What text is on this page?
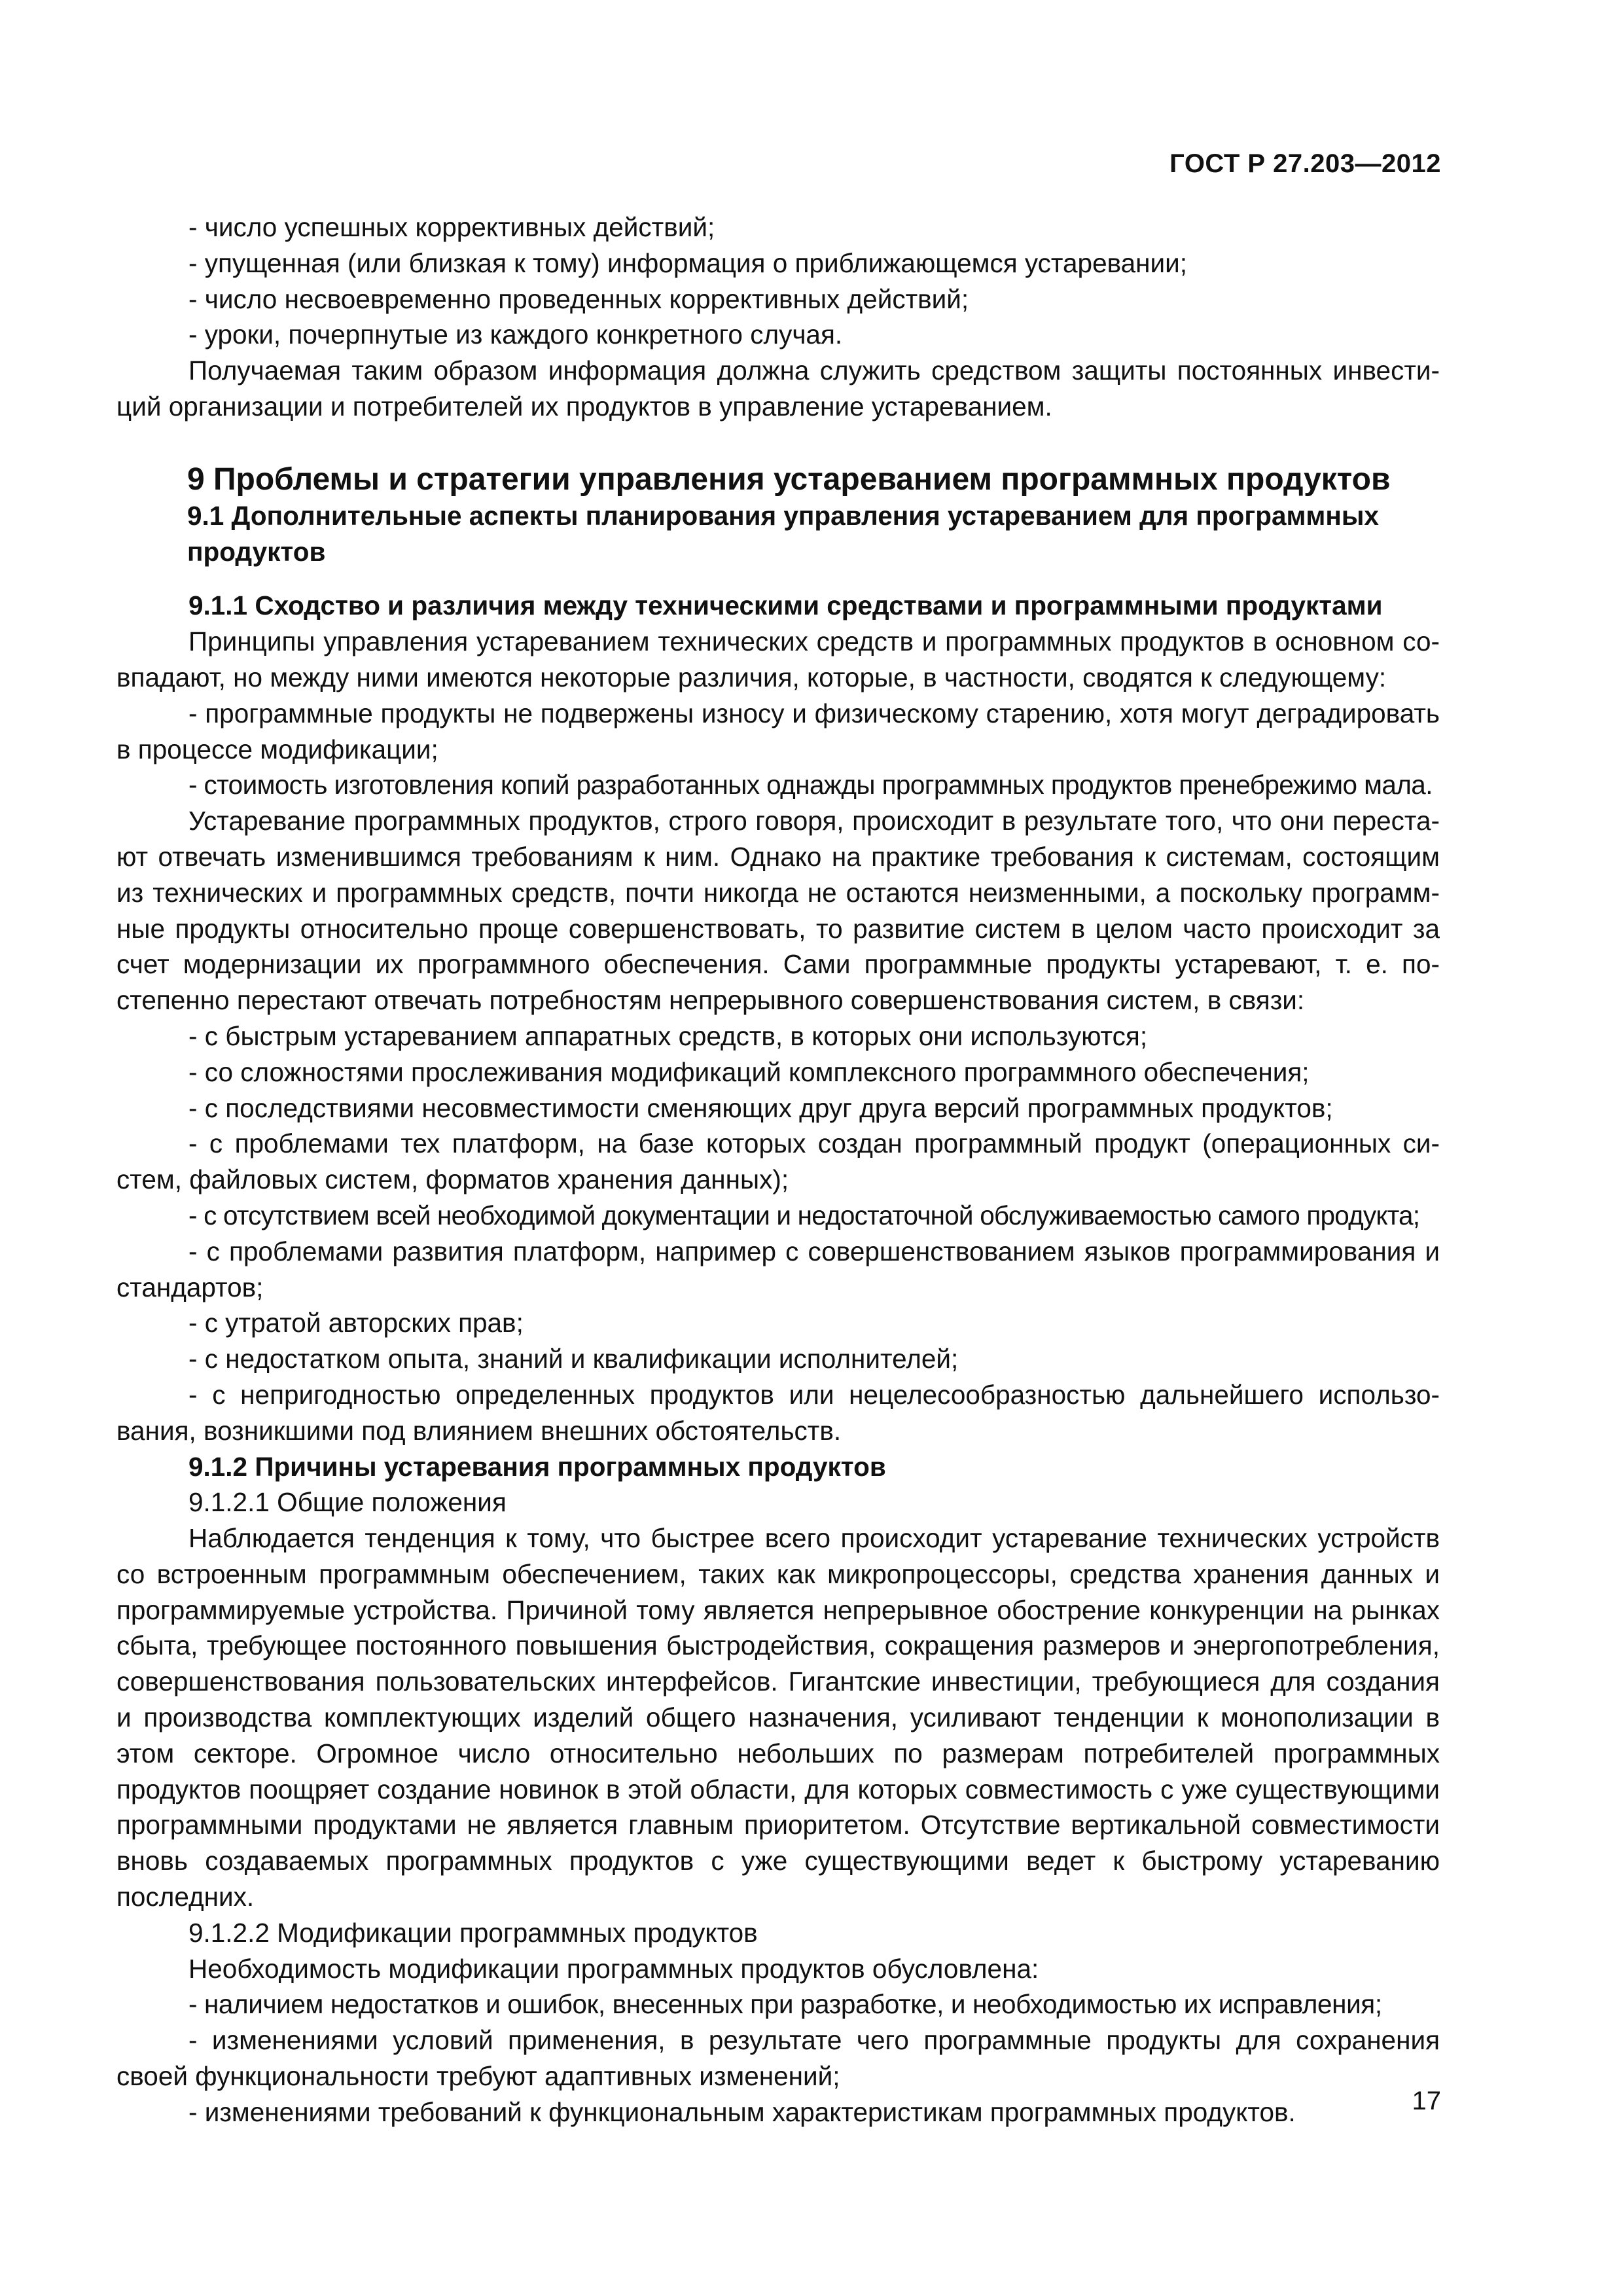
ГОСТ Р 27.203—2012

- число успешных коррективных действий;

- упущенная (или близкая к тому) информация о приближающемся устаревании;

- число несвоевременно проведенных коррективных действий;

- уроки, почерпнутые из каждого конкретного случая.

Получаемая таким образом информация должна служить средством защиты постоянных инвестиций организации и потребителей их продуктов в управление устареванием.

9 Проблемы и стратегии управления устареванием программных продуктов

9.1 Дополнительные аспекты планирования управления устареванием для программных продуктов

9.1.1 Сходство и различия между техническими средствами и программными продуктами

Принципы управления устареванием технических средств и программных продуктов в основном совпадают, но между ними имеются некоторые различия, которые, в частности, сводятся к следующему:

- программные продукты не подвержены износу и физическому старению, хотя могут деградировать в процессе модификации;

- стоимость изготовления копий разработанных однажды программных продуктов пренебрежимо мала.

Устаревание программных продуктов, строго говоря, происходит в результате того, что они перестают отвечать изменившимся требованиям к ним. Однако на практике требования к системам, состоящим из технических и программных средств, почти никогда не остаются неизменными, а поскольку программные продукты относительно проще совершенствовать, то развитие систем в целом часто происходит за счет модернизации их программного обеспечения. Сами программные продукты устаревают, т. е. постепенно перестают отвечать потребностям непрерывного совершенствования систем, в связи:

- с быстрым устареванием аппаратных средств, в которых они используются;

- со сложностями прослеживания модификаций комплексного программного обеспечения;

- с последствиями несовместимости сменяющих друг друга версий программных продуктов;

- с проблемами тех платформ, на базе которых создан программный продукт (операционных систем, файловых систем, форматов хранения данных);

- с отсутствием всей необходимой документации и недостаточной обслуживаемостью самого продукта;

- с проблемами развития платформ, например с совершенствованием языков программирования и стандартов;

- с утратой авторских прав;

- с недостатком опыта, знаний и квалификации исполнителей;

- с непригодностью определенных продуктов или нецелесообразностью дальнейшего использования, возникшими под влиянием внешних обстоятельств.

9.1.2 Причины устаревания программных продуктов

9.1.2.1 Общие положения

Наблюдается тенденция к тому, что быстрее всего происходит устаревание технических устройств со встроенным программным обеспечением, таких как микропроцессоры, средства хранения данных и программируемые устройства. Причиной тому является непрерывное обострение конкуренции на рынках сбыта, требующее постоянного повышения быстродействия, сокращения размеров и энергопотребления, совершенствования пользовательских интерфейсов. Гигантские инвестиции, требующиеся для создания и производства комплектующих изделий общего назначения, усиливают тенденции к монополизации в этом секторе. Огромное число относительно небольших по размерам потребителей программных продуктов поощряет создание новинок в этой области, для которых совместимость с уже существующими программными продуктами не является главным приоритетом. Отсутствие вертикальной совместимости вновь создаваемых программных продуктов с уже существующими ведет к быстрому устареванию последних.

9.1.2.2 Модификации программных продуктов

Необходимость модификации программных продуктов обусловлена:

- наличием недостатков и ошибок, внесенных при разработке, и необходимостью их исправления;

- изменениями условий применения, в результате чего программные продукты для сохранения своей функциональности требуют адаптивных изменений;

- изменениями требований к функциональным характеристикам программных продуктов.	17
